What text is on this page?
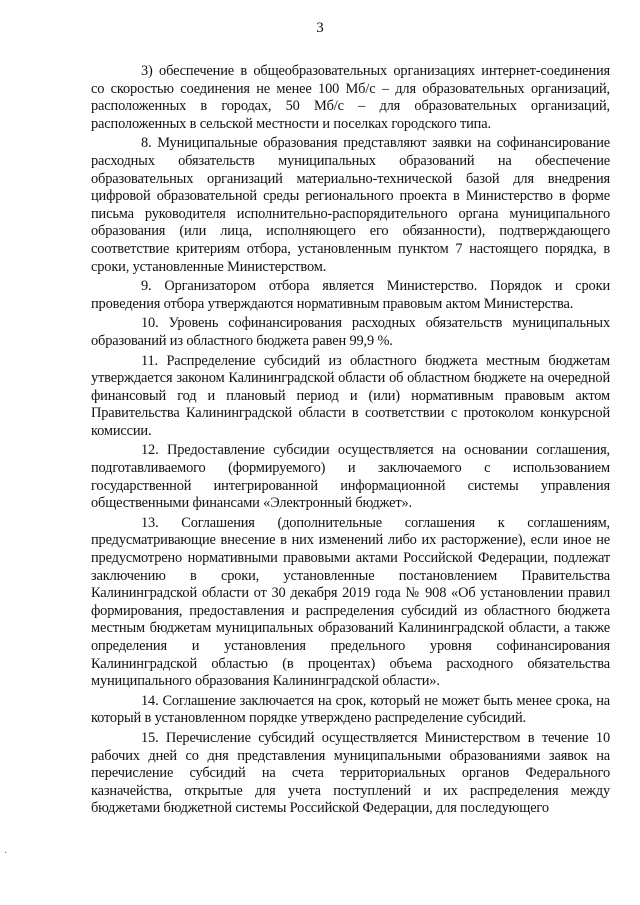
3

3) обеспечение в общеобразовательных организациях интернет-соединения со скоростью соединения не менее 100 Мб/с – для образовательных организаций, расположенных в городах, 50 Мб/с – для образовательных организаций, расположенных в сельской местности и поселках городского типа.

8. Муниципальные образования представляют заявки на софинансирование расходных обязательств муниципальных образований на обеспечение образовательных организаций материально-технической базой для внедрения цифровой образовательной среды регионального проекта в Министерство в форме письма руководителя исполнительно-распорядительного органа муниципального образования (или лица, исполняющего его обязанности), подтверждающего соответствие критериям отбора, установленным пунктом 7 настоящего порядка, в сроки, установленные Министерством.

9. Организатором отбора является Министерство. Порядок и сроки проведения отбора утверждаются нормативным правовым актом Министерства.

10. Уровень софинансирования расходных обязательств муниципальных образований из областного бюджета равен 99,9 %.

11. Распределение субсидий из областного бюджета местным бюджетам утверждается законом Калининградской области об областном бюджете на очередной финансовый год и плановый период и (или) нормативным правовым актом Правительства Калининградской области в соответствии с протоколом конкурсной комиссии.

12. Предоставление субсидии осуществляется на основании соглашения, подготавливаемого (формируемого) и заключаемого с использованием государственной интегрированной информационной системы управления общественными финансами «Электронный бюджет».

13. Соглашения (дополнительные соглашения к соглашениям, предусматривающие внесение в них изменений либо их расторжение), если иное не предусмотрено нормативными правовыми актами Российской Федерации, подлежат заключению в сроки, установленные постановлением Правительства Калининградской области от 30 декабря 2019 года № 908 «Об установлении правил формирования, предоставления и распределения субсидий из областного бюджета местным бюджетам муниципальных образований Калининградской области, а также определения и установления предельного уровня софинансирования Калининградской областью (в процентах) объема расходного обязательства муниципального образования Калининградской области».

14. Соглашение заключается на срок, который не может быть менее срока, на который в установленном порядке утверждено распределение субсидий.

15. Перечисление субсидий осуществляется Министерством в течение 10 рабочих дней со дня представления муниципальными образованиями заявок на перечисление субсидий на счета территориальных органов Федерального казначейства, открытые для учета поступлений и их распределения между бюджетами бюджетной системы Российской Федерации, для последующего

·
